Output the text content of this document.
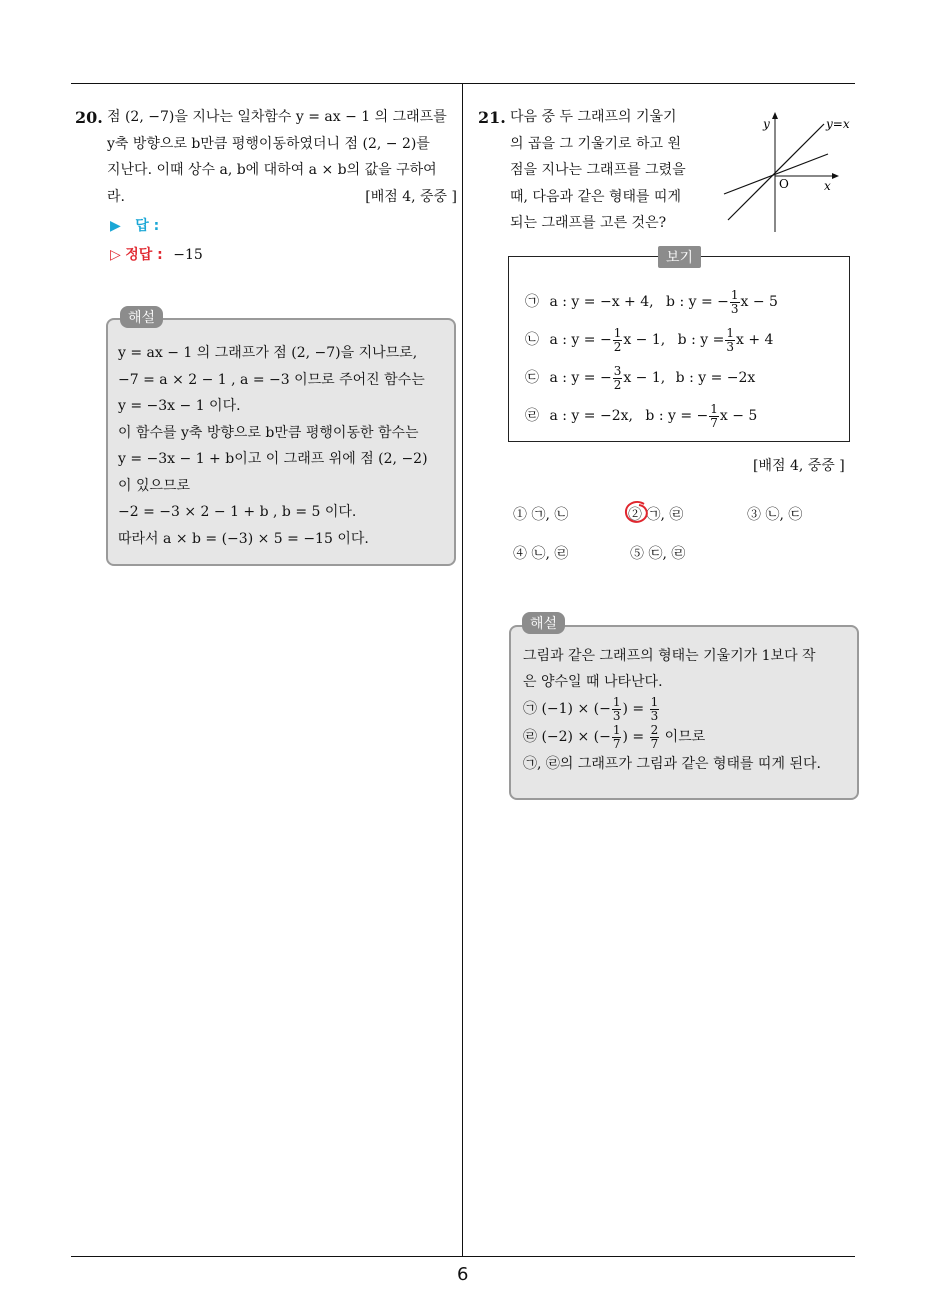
20. 점 (2, −7)을 지나는 일차함수 y = ax − 1 의 그래프를
y축 방향으로 b만큼 평행이동하였더니 점 (2, − 2)를
지난다. 이때 상수 a, b에 대하여 a × b의 값을 구하여
라.	[배점 4, 중중 ]
▶ 답 :
▷ 정답 : −15
y = ax − 1 의 그래프가 점 (2, −7)을 지나므로,
−7 = a × 2 − 1 , a = −3 이므로 주어진 함수는
y = −3x − 1 이다.
이 함수를 y축 방향으로 b만큼 평행이동한 함수는
y = −3x − 1 + b이고 이 그래프 위에 점 (2, −2)
이 있으므로
−2 = −3 × 2 − 1 + b , b = 5 이다.
따라서 a × b = (−3) × 5 = −15 이다.
해설
21. 다음 중 두 그래프의 기울기
의 곱을 그 기울기로 하고 원
점을 지나는 그래프를 그렸을
때, 다음과 같은 형태를 띠게
되는 그래프를 고른 것은?
y
x
y=x
O
㉠ a : y = −x + 4, b : y = − $\frac{1}{3}$ x − 5
㉡ a : y = − $\frac{1}{2}$ x − 1, b : $y = \frac{1}{3}$ x + 4
㉢ a : y = − $\frac{3}{2}$ x − 1, b : y = −2x
㉣ a : y = −2x, b : y = − $\frac{1}{7}$ x − 5
보기
[배점 4, 중중 ]
① ㉠, ㉡	② ㉠, ㉣	③ ㉡, ㉢
④ ㉡, ㉣	⑤ ㉢, ㉣
그림과 같은 그래프의 형태는 기울기가 1보다 작
은 양수일 때 나타난다.
㉠ (−1) × (− $\frac{1}{3}$ ) = $\frac{1}{3}$
㉣ (−2) × (− $\frac{1}{7}$ ) = $\frac{2}{7}$ 이므로
㉠, ㉣의 그래프가 그림과 같은 형태를 띠게 된다.
해설
6
